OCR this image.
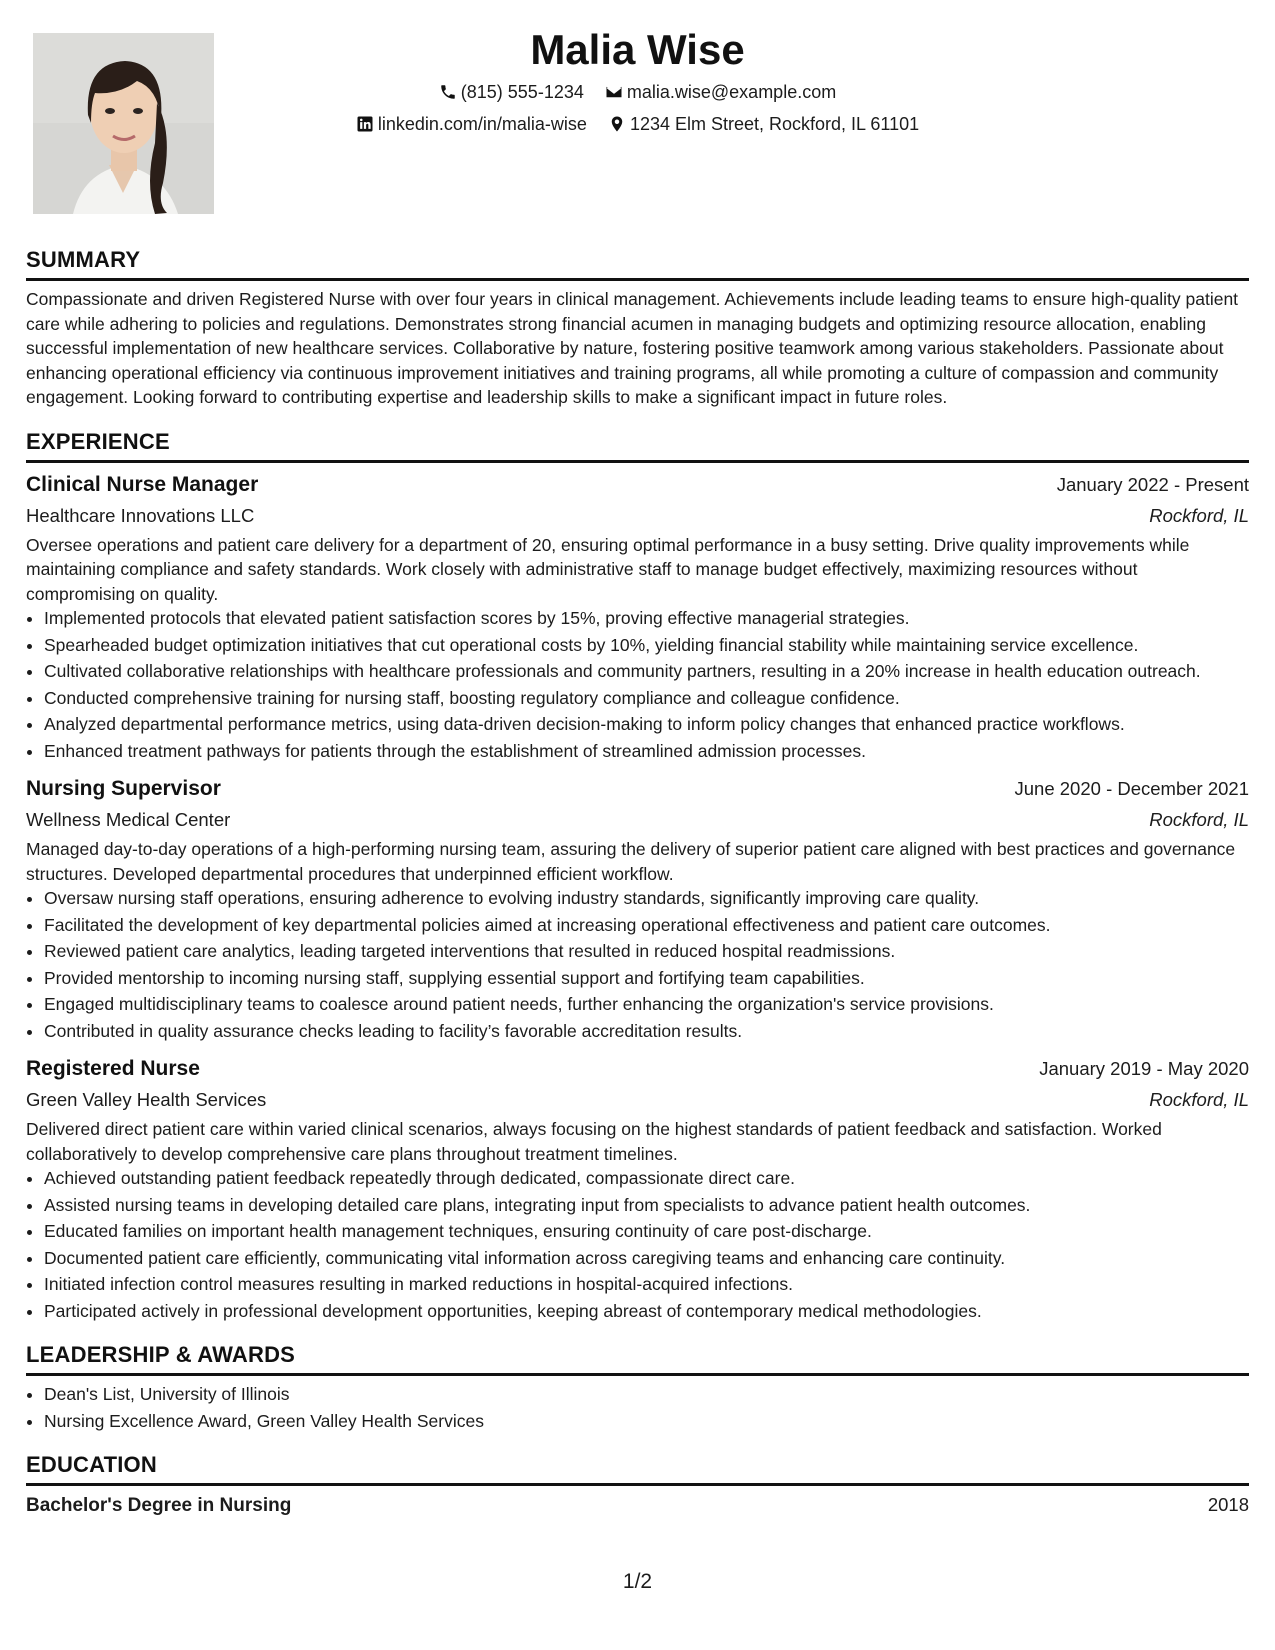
Malia Wise
(815) 555-1234
malia.wise@example.com
linkedin.com/in/malia-wise
1234 Elm Street, Rockford, IL 61101
SUMMARY

Compassionate and driven Registered Nurse with over four years in clinical management. Achievements include leading teams to ensure high-quality patient care while adhering to policies and regulations. Demonstrates strong financial acumen in managing budgets and optimizing resource allocation, enabling successful implementation of new healthcare services. Collaborative by nature, fostering positive teamwork among various stakeholders. Passionate about enhancing operational efficiency via continuous improvement initiatives and training programs, all while promoting a culture of compassion and community engagement. Looking forward to contributing expertise and leadership skills to make a significant impact in future roles.

EXPERIENCE
Clinical Nurse Manager	January 2022 - Present
Healthcare Innovations LLC	Rockford, IL

Oversee operations and patient care delivery for a department of 20, ensuring optimal performance in a busy setting. Drive quality improvements while maintaining compliance and safety standards. Work closely with administrative staff to manage budget effectively, maximizing resources without compromising on quality.

• Implemented protocols that elevated patient satisfaction scores by 15%, proving effective managerial strategies.
• Spearheaded budget optimization initiatives that cut operational costs by 10%, yielding financial stability while maintaining service excellence.
• Cultivated collaborative relationships with healthcare professionals and community partners, resulting in a 20% increase in health education outreach.
• Conducted comprehensive training for nursing staff, boosting regulatory compliance and colleague confidence.
• Analyzed departmental performance metrics, using data-driven decision-making to inform policy changes that enhanced practice workflows.
• Enhanced treatment pathways for patients through the establishment of streamlined admission processes.
Nursing Supervisor	June 2020 - December 2021
Wellness Medical Center	Rockford, IL

Managed day-to-day operations of a high-performing nursing team, assuring the delivery of superior patient care aligned with best practices and governance structures. Developed departmental procedures that underpinned efficient workflow.

• Oversaw nursing staff operations, ensuring adherence to evolving industry standards, significantly improving care quality.
• Facilitated the development of key departmental policies aimed at increasing operational effectiveness and patient care outcomes.
• Reviewed patient care analytics, leading targeted interventions that resulted in reduced hospital readmissions.
• Provided mentorship to incoming nursing staff, supplying essential support and fortifying team capabilities.
• Engaged multidisciplinary teams to coalesce around patient needs, further enhancing the organization's service provisions.
• Contributed in quality assurance checks leading to facility’s favorable accreditation results.
Registered Nurse	January 2019 - May 2020
Green Valley Health Services	Rockford, IL

Delivered direct patient care within varied clinical scenarios, always focusing on the highest standards of patient feedback and satisfaction. Worked collaboratively to develop comprehensive care plans throughout treatment timelines.

• Achieved outstanding patient feedback repeatedly through dedicated, compassionate direct care.
• Assisted nursing teams in developing detailed care plans, integrating input from specialists to advance patient health outcomes.
• Educated families on important health management techniques, ensuring continuity of care post-discharge.
• Documented patient care efficiently, communicating vital information across caregiving teams and enhancing care continuity.
• Initiated infection control measures resulting in marked reductions in hospital-acquired infections.
• Participated actively in professional development opportunities, keeping abreast of contemporary medical methodologies.
LEADERSHIP & AWARDS
• Dean's List, University of Illinois
• Nursing Excellence Award, Green Valley Health Services
EDUCATION
Bachelor's Degree in Nursing	2018
1/2
